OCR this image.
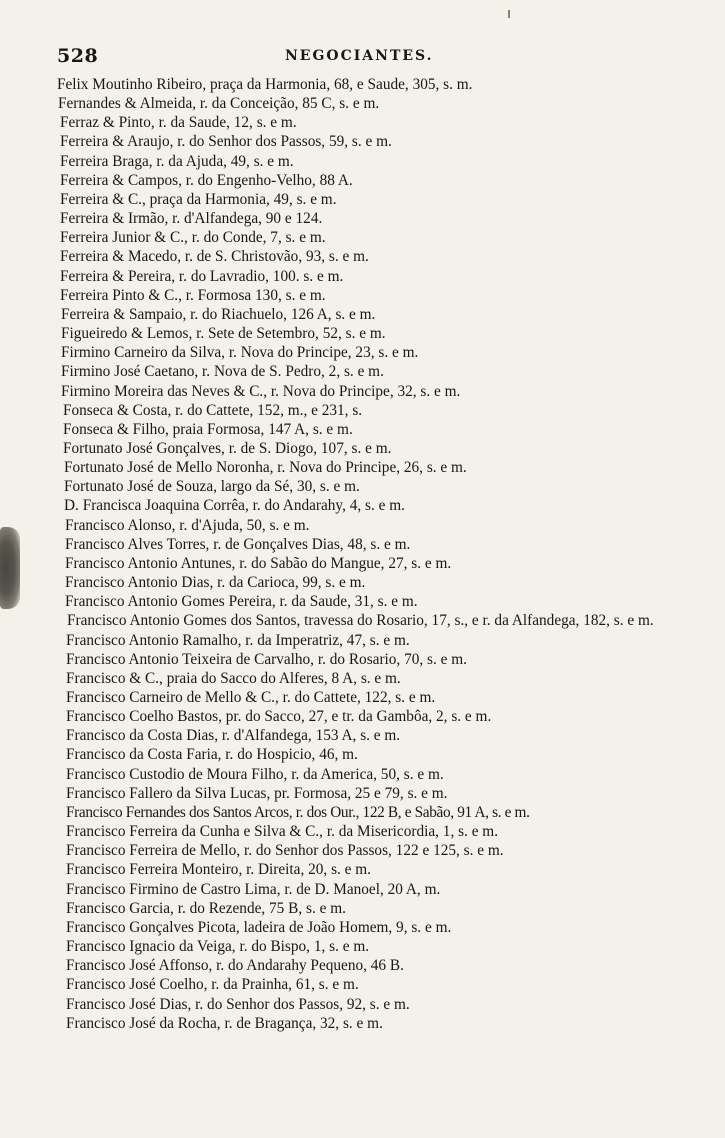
528	NEGOCIANTES.
Felix Moutinho Ribeiro, praça da Harmonia, 68, e Saude, 305, s. m.
Fernandes & Almeida, r. da Conceição, 85 C, s. e m.
Ferraz & Pinto, r. da Saude, 12, s. e m.
Ferreira & Araujo, r. do Senhor dos Passos, 59, s. e m.
Ferreira Braga, r. da Ajuda, 49, s. e m.
Ferreira & Campos, r. do Engenho-Velho, 88 A.
Ferreira & C., praça da Harmonia, 49, s. e m.
Ferreira & Irmão, r. d'Alfandega, 90 e 124.
Ferreira Junior & C., r. do Conde, 7, s. e m.
Ferreira & Macedo, r. de S. Christovão, 93, s. e m.
Ferreira & Pereira, r. do Lavradio, 100. s. e m.
Ferreira Pinto & C., r. Formosa 130, s. e m.
Ferreira & Sampaio, r. do Riachuelo, 126 A, s. e m.
Figueiredo & Lemos, r. Sete de Setembro, 52, s. e m.
Firmino Carneiro da Silva, r. Nova do Principe, 23, s. e m.
Firmino José Caetano, r. Nova de S. Pedro, 2, s. e m.
Firmino Moreira das Neves & C., r. Nova do Principe, 32, s. e m.
Fonseca & Costa, r. do Cattete, 152, m., e 231, s.
Fonseca & Filho, praia Formosa, 147 A, s. e m.
Fortunato José Gonçalves, r. de S. Diogo, 107, s. e m.
Fortunato José de Mello Noronha, r. Nova do Principe, 26, s. e m.
Fortunato José de Souza, largo da Sé, 30, s. e m.
D. Francisca Joaquina Corrêa, r. do Andarahy, 4, s. e m.
Francisco Alonso, r. d'Ajuda, 50, s. e m.
Francisco Alves Torres, r. de Gonçalves Dias, 48, s. e m.
Francisco Antonio Antunes, r. do Sabão do Mangue, 27, s. e m.
Francisco Antonio Dias, r. da Carioca, 99, s. e m.
Francisco Antonio Gomes Pereira, r. da Saude, 31, s. e m.
Francisco Antonio Gomes dos Santos, travessa do Rosario, 17, s., e r. da Alfandega, 182, s. e m.
Francisco Antonio Ramalho, r. da Imperatriz, 47, s. e m.
Francisco Antonio Teixeira de Carvalho, r. do Rosario, 70, s. e m.
Francisco & C., praia do Sacco do Alferes, 8 A, s. e m.
Francisco Carneiro de Mello & C., r. do Cattete, 122, s. e m.
Francisco Coelho Bastos, pr. do Sacco, 27, e tr. da Gambôa, 2, s. e m.
Francisco da Costa Dias, r. d'Alfandega, 153 A, s. e m.
Francisco da Costa Faria, r. do Hospicio, 46, m.
Francisco Custodio de Moura Filho, r. da America, 50, s. e m.
Francisco Fallero da Silva Lucas, pr. Formosa, 25 e 79, s. e m.
Francisco Fernandes dos Santos Arcos, r. dos Our., 122 B, e Sabão, 91 A, s. e m.
Francisco Ferreira da Cunha e Silva & C., r. da Misericordia, 1, s. e m.
Francisco Ferreira de Mello, r. do Senhor dos Passos, 122 e 125, s. e m.
Francisco Ferreira Monteiro, r. Direita, 20, s. e m.
Francisco Firmino de Castro Lima, r. de D. Manoel, 20 A, m.
Francisco Garcia, r. do Rezende, 75 B, s. e m.
Francisco Gonçalves Picota, ladeira de João Homem, 9, s. e m.
Francisco Ignacio da Veiga, r. do Bispo, 1, s. e m.
Francisco José Affonso, r. do Andarahy Pequeno, 46 B.
Francisco José Coelho, r. da Prainha, 61, s. e m.
Francisco José Dias, r. do Senhor dos Passos, 92, s. e m.
Francisco José da Rocha, r. de Bragança, 32, s. e m.
